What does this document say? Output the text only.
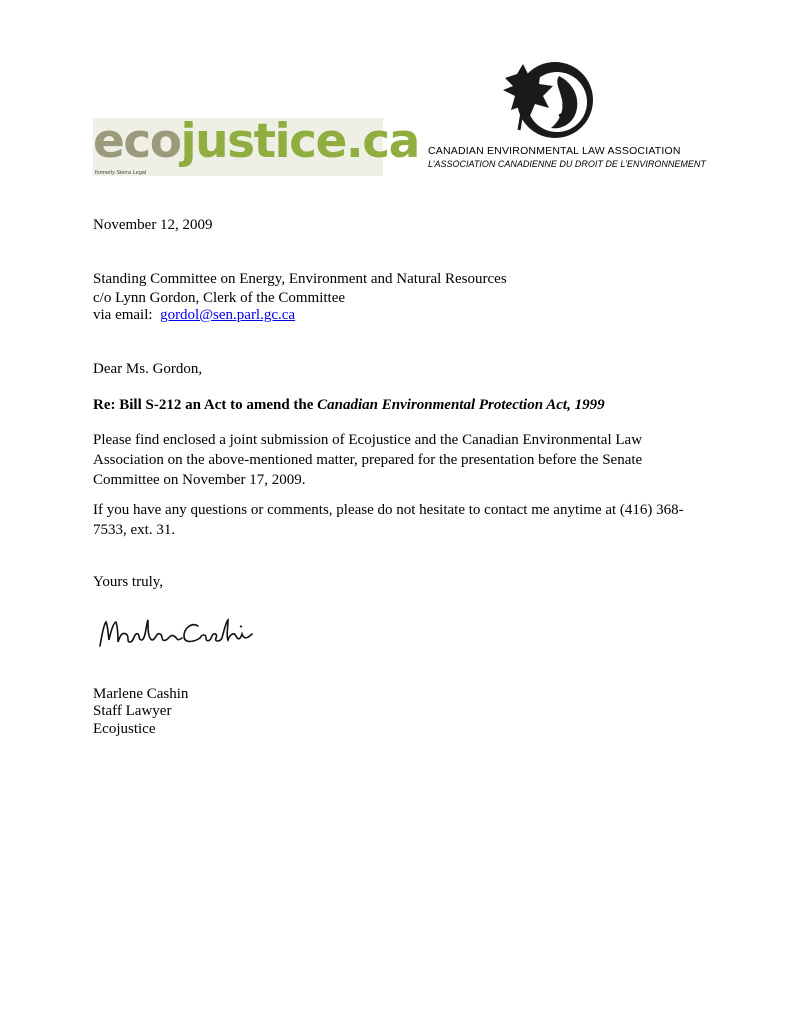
ecojustice.ca
formerly Sierra Legal
CANADIAN ENVIRONMENTAL LAW ASSOCIATION
L’ASSOCIATION CANADIENNE DU DROIT DE L’ENVIRONNEMENT
November 12, 2009
Standing Committee on Energy, Environment and Natural Resources
c/o Lynn Gordon, Clerk of the Committee
via email: gordol@sen.parl.gc.ca
Dear Ms. Gordon,
Re: Bill S-212 an Act to amend the Canadian Environmental Protection Act, 1999
Please find enclosed a joint submission of Ecojustice and the Canadian Environmental Law Association on the above-mentioned matter, prepared for the presentation before the Senate Committee on November 17, 2009.
If you have any questions or comments, please do not hesitate to contact me anytime at (416) 368-7533, ext. 31.
Yours truly,
Marlene Cashin
Staff Lawyer
Ecojustice
